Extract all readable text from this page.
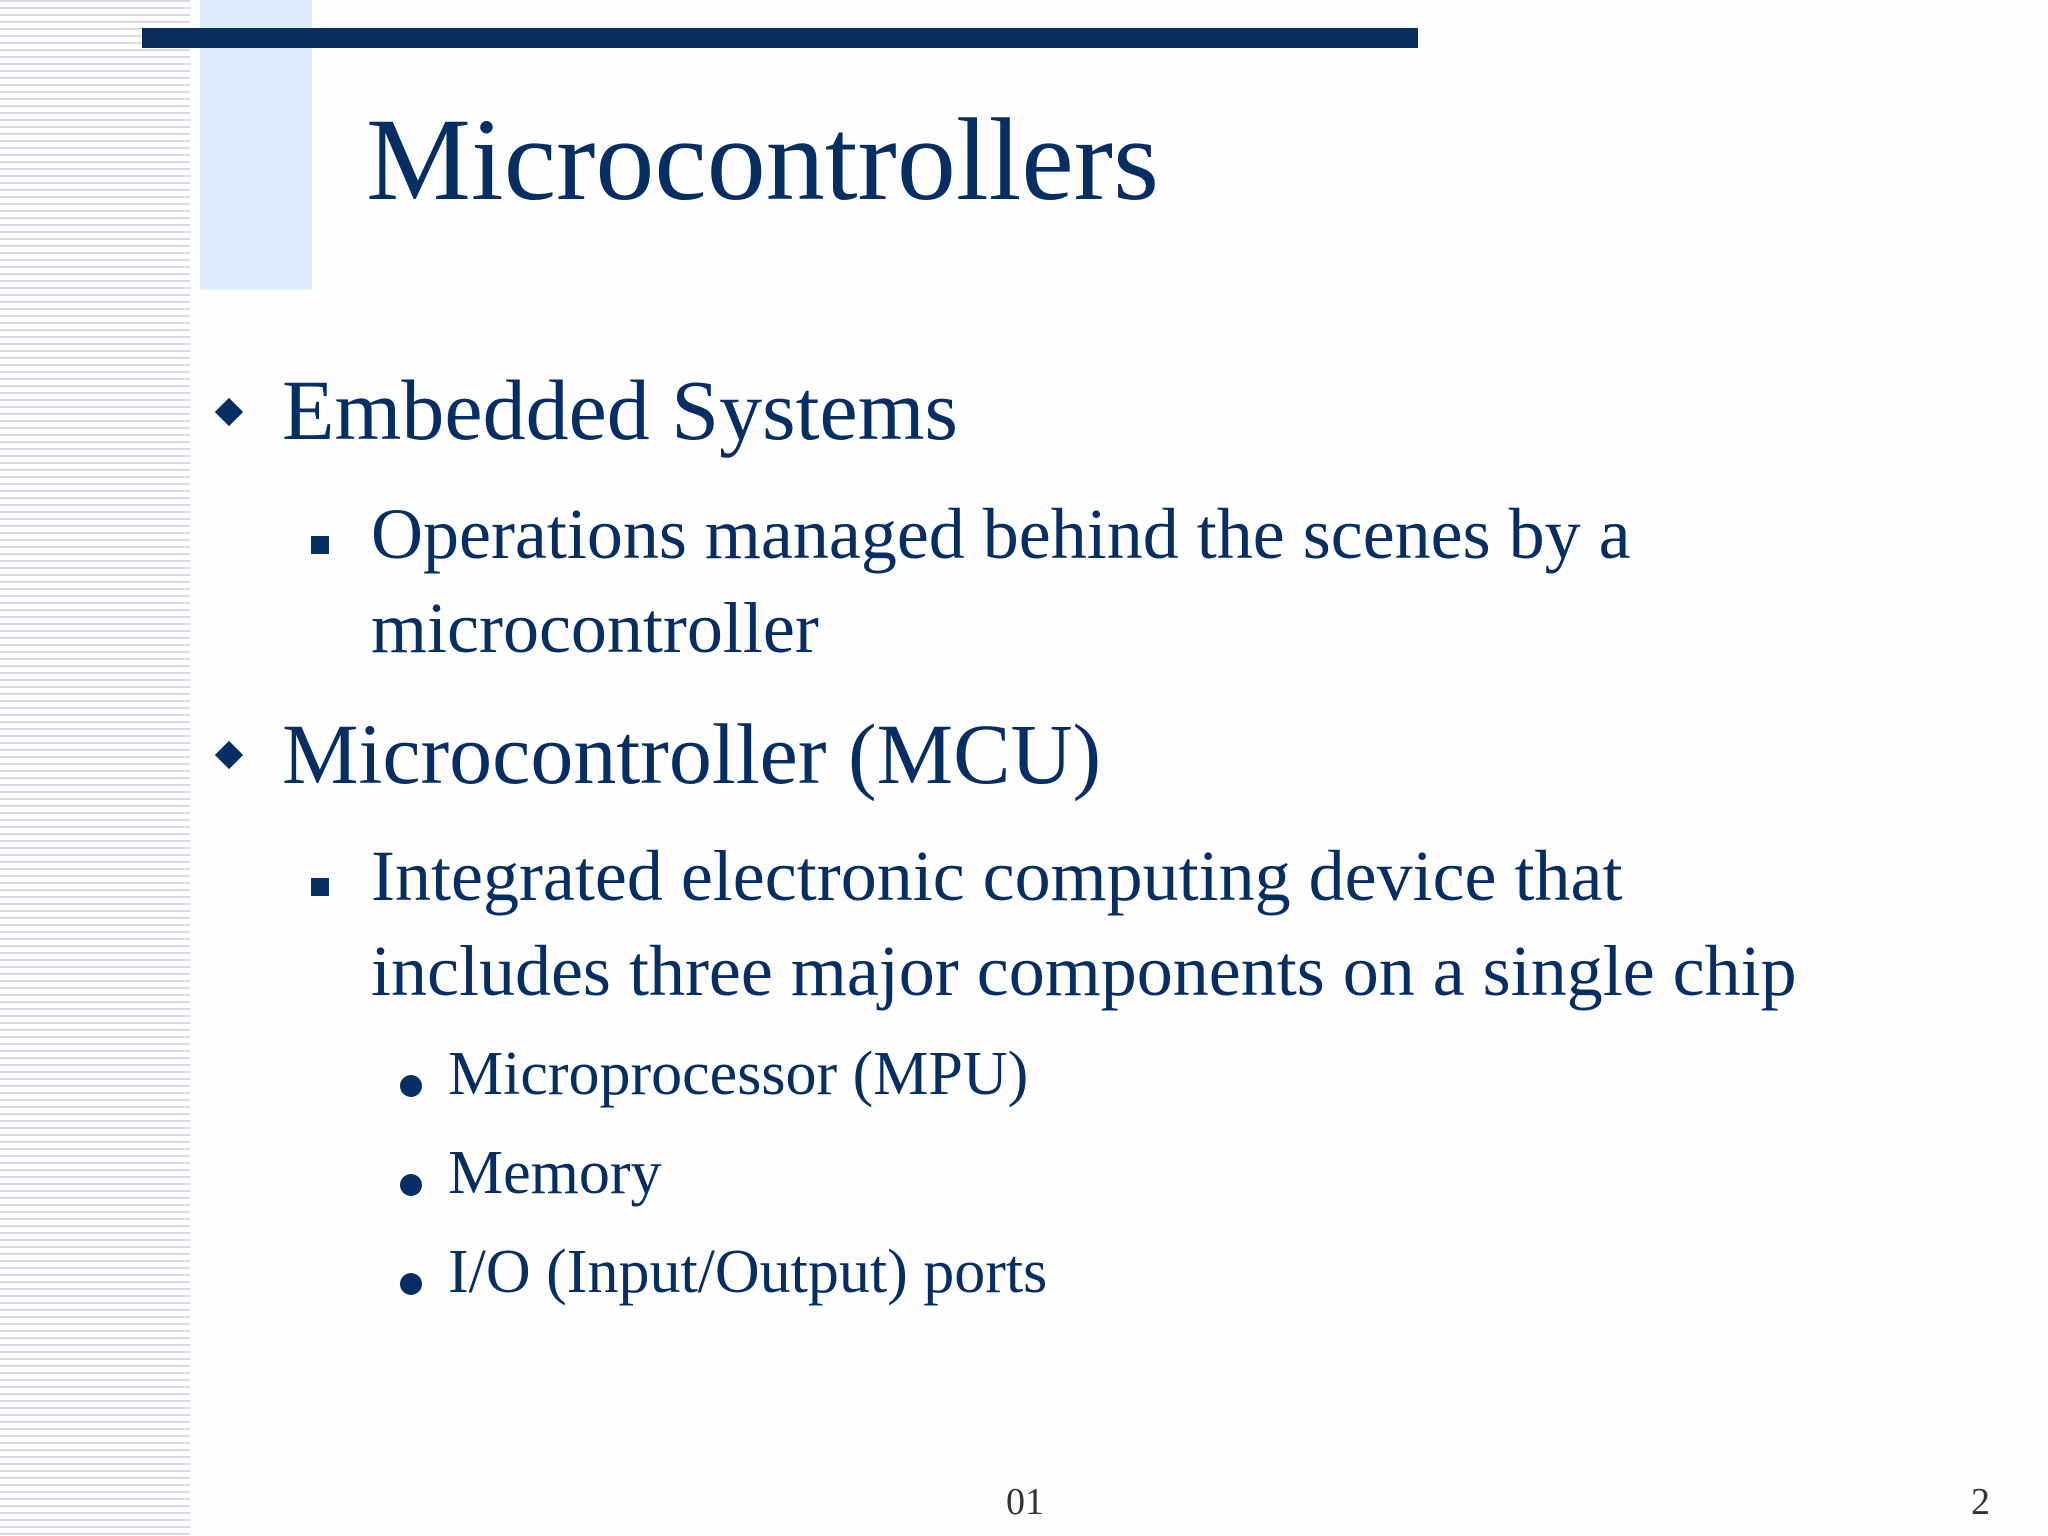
Microcontrollers
Embedded Systems
Operations managed behind the scenes by a
microcontroller
Microcontroller (MCU)
Integrated electronic computing device that
includes three major components on a single chip
Microprocessor (MPU)
Memory
I/O (Input/Output) ports
01	2
